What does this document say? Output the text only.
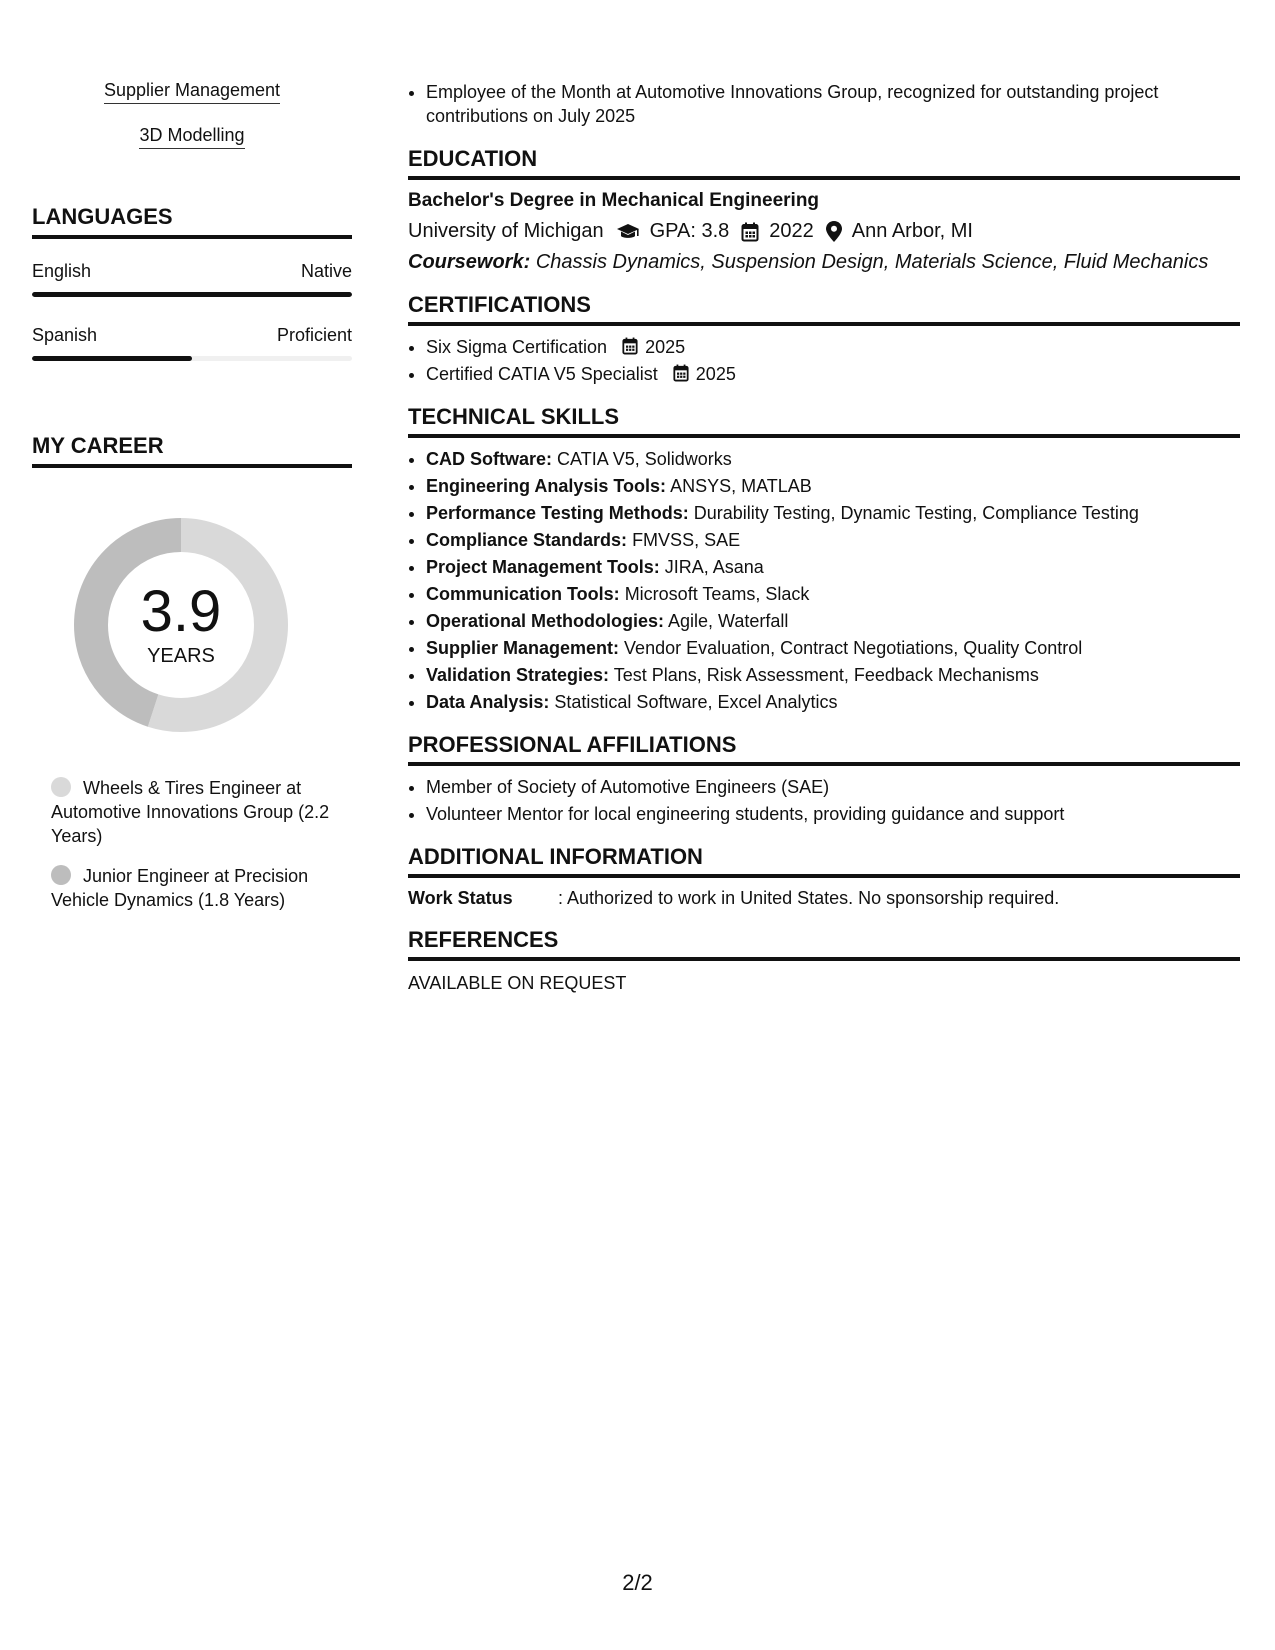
Supplier Management
3D Modelling
LANGUAGES
English	Native
Spanish	Proficient
MY CAREER
3.9
YEARS
Wheels & Tires Engineer at Automotive Innovations Group (2.2 Years)
Junior Engineer at Precision Vehicle Dynamics (1.8 Years)
• Employee of the Month at Automotive Innovations Group, recognized for outstanding project contributions on July 2025
EDUCATION
Bachelor's Degree in Mechanical Engineering
University of Michigan GPA: 3.8 2022 Ann Arbor, MI
Coursework: Chassis Dynamics, Suspension Design, Materials Science, Fluid Mechanics
CERTIFICATIONS
• Six Sigma Certification 2025
• Certified CATIA V5 Specialist 2025
TECHNICAL SKILLS
• CAD Software: CATIA V5, Solidworks
• Engineering Analysis Tools: ANSYS, MATLAB
• Performance Testing Methods: Durability Testing, Dynamic Testing, Compliance Testing
• Compliance Standards: FMVSS, SAE
• Project Management Tools: JIRA, Asana
• Communication Tools: Microsoft Teams, Slack
• Operational Methodologies: Agile, Waterfall
• Supplier Management: Vendor Evaluation, Contract Negotiations, Quality Control
• Validation Strategies: Test Plans, Risk Assessment, Feedback Mechanisms
• Data Analysis: Statistical Software, Excel Analytics
PROFESSIONAL AFFILIATIONS
• Member of Society of Automotive Engineers (SAE)
• Volunteer Mentor for local engineering students, providing guidance and support
ADDITIONAL INFORMATION
Work Status	: Authorized to work in United States. No sponsorship required.
REFERENCES
AVAILABLE ON REQUEST
2/2
